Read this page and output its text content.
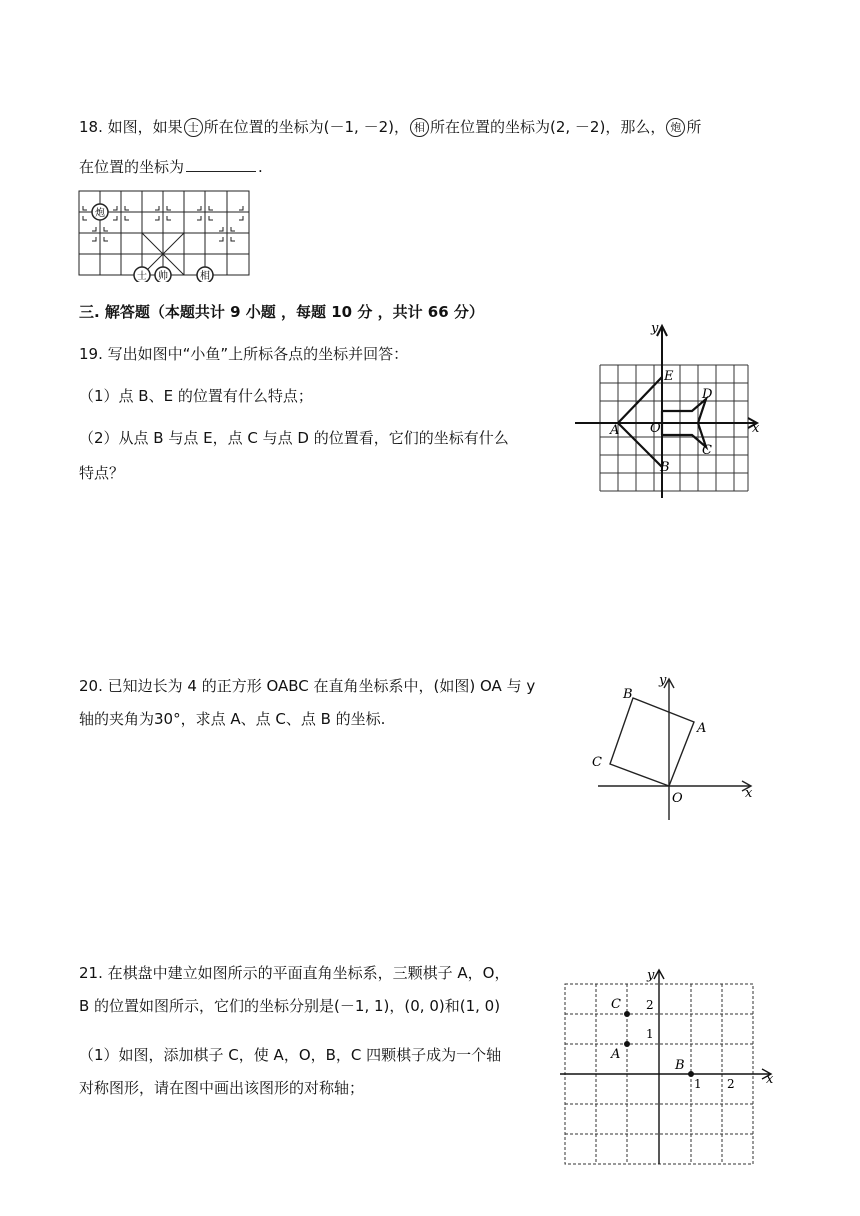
18. 如图，如果 士 所在位置的坐标为(－1, －2)， 相 所在位置的坐标为(2, －2)，那么， 炮 所
在位置的坐标为	.
炮
士 帅	相
三. 解答题（本题共计 9 小题 ，每题 10 分 ，共计 66 分）
19. 写出如图中“小鱼”上所标各点的坐标并回答：
（1）点 B、E 的位置有什么特点；
（2）从点 B 与点 E，点 C 与点 D 的位置看，它们的坐标有什么
特点？
y
x
E
D
A O
C
B
20. 已知边长为 4 的正方形 OABC 在直角坐标系中，(如图) OA 与 y
轴的夹角为30°，求点 A、点 C、点 B 的坐标.
y
x
A
B
C
O
21. 在棋盘中建立如图所示的平面直角坐标系，三颗棋子 A，O，
B 的位置如图所示，它们的坐标分别是(－1, 1)，(0, 0)和(1, 0)
（1）如图，添加棋子 C，使 A，O，B，C 四颗棋子成为一个轴
对称图形，请在图中画出该图形的对称轴；
y
x
C
A
B
2
1
1 2
